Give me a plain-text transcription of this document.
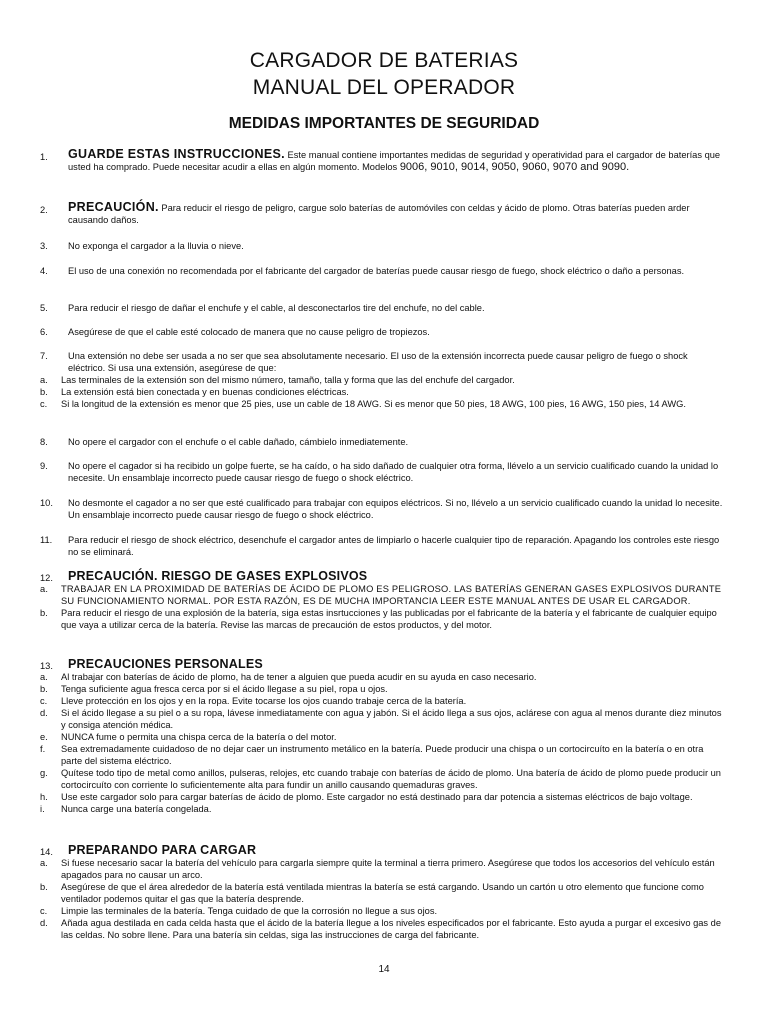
CARGADOR DE BATERIAS
MANUAL DEL OPERADOR
MEDIDAS IMPORTANTES DE SEGURIDAD
1.	GUARDE ESTAS INSTRUCCIONES. Este manual contiene importantes medidas de seguridad y operatividad para el cargador de baterías que usted ha comprado. Puede necesitar acudir a ellas en algún momento. Modelos 9006, 9010, 9014, 9050, 9060, 9070 and 9090.
2.	PRECAUCIÓN. Para reducir el riesgo de peligro, cargue solo baterías de automóviles con celdas y ácido de plomo. Otras baterías pueden arder causando daños.
3.	No exponga el cargador a la lluvia o nieve.
4.	El uso de una conexión no recomendada por el fabricante del cargador de baterías puede causar riesgo de fuego, shock eléctrico o daño a personas.
5.	Para reducir el riesgo de dañar el enchufe y el cable, al desconectarlos tire del enchufe, no del cable.
6.	Asegúrese de que el cable esté colocado de manera que no cause peligro de tropiezos.
7.	Una extensión no debe ser usada a no ser que sea absolutamente necesario. El uso de la extensión incorrecta puede causar peligro de fuego o shock eléctrico. Si usa una extensión, asegúrese de que:
a. Las terminales de la extensión son del mismo número, tamaño, talla y forma que las del enchufe del cargador.
b. La extensión está bien conectada y en buenas condiciones eléctricas.
c. Si la longitud de la extensión es menor que 25 pies, use un cable de 18 AWG. Si es menor que 50 pies, 18 AWG, 100 pies, 16 AWG, 150 pies, 14 AWG.
8.	No opere el cargador con el enchufe o el cable dañado, cámbielo inmediatemente.
9.	No opere el cagador si ha recibido un golpe fuerte, se ha caído, o ha sido dañado de cualquier otra forma, llévelo a un servicio cualificado cuando la unidad lo necesite. Un ensamblaje incorrecto puede causar riesgo de fuego o shock eléctrico.
10.	No desmonte el cagador a no ser que esté cualificado para trabajar con equipos eléctricos. Si no, llévelo a un servicio cualificado cuando la unidad lo necesite. Un ensamblaje incorrecto puede causar riesgo de fuego o shock eléctrico.
11.	Para reducir el riesgo de shock eléctrico, desenchufe el cargador antes de limpiarlo o hacerle cualquier tipo de reparación. Apagando los controles este riesgo no se eliminará.
12.	PRECAUCIÓN. RIESGO DE GASES EXPLOSIVOS
a. TRABAJAR EN LA PROXIMIDAD DE BATERÍAS DE ÁCIDO DE PLOMO ES PELIGROSO. LAS BATERÍAS GENERAN GASES EXPLOSIVOS DURANTE SU FUNCIONAMIENTO NORMAL. POR ESTA RAZÓN, ES DE MUCHA IMPORTANCIA LEER ESTE MANUAL ANTES DE USAR EL CARGADOR.
b. Para reducir el riesgo de una explosión de la batería, siga estas insrtucciones y las publicadas por el fabricante de la batería y el fabricante de cualquier equipo que vaya a utilizar cerca de la batería. Revise las marcas de precaución de estos productos, y del motor.
13.	PRECAUCIONES PERSONALES
a. Al trabajar con baterías de ácido de plomo, ha de tener a alguien que pueda acudir en su ayuda en caso necesario.
b. Tenga suficiente agua fresca cerca por si el ácido llegase a su piel, ropa u ojos.
c. Lleve protección en los ojos y en la ropa. Evite tocarse los ojos cuando trabaje cerca de la batería.
d. Si el ácido llegase a su piel o a su ropa, lávese inmediatamente con agua y jabón. Si el ácido llega a sus ojos, aclárese con agua al menos durante diez minutos y consiga atención médica.
e. NUNCA fume o permita una chispa cerca de la batería o del motor.
f. Sea extremadamente cuidadoso de no dejar caer un instrumento metálico en la batería. Puede producir una chispa o un cortocircuíto en la batería o en otra parte del sistema eléctrico.
g. Quítese todo tipo de metal como anillos, pulseras, relojes, etc cuando trabaje con baterías de ácido de plomo. Una batería de ácido de plomo puede producir un cortocircuíto con corriente lo suficientemente alta para fundir un anillo causando quemaduras graves.
h. Use este cargador solo para cargar baterías de ácido de plomo. Este cargador no está destinado para dar potencia a sistemas eléctricos de bajo voltage.
i. Nunca carge una batería congelada.
14.	PREPARANDO PARA CARGAR
a. Si fuese necesario sacar la batería del vehículo para cargarla siempre quite la terminal a tierra primero. Asegúrese que todos los accesorios del vehículo están apagados para no causar un arco.
b. Asegúrese de que el área alrededor de la batería está ventilada mientras la batería se está cargando. Usando un cartón u otro elemento que funcione como ventilador podemos quitar el gas que la batería desprende.
c. Limpie las terminales de la batería. Tenga cuidado de que la corrosión no llegue a sus ojos.
d. Añada agua destilada en cada celda hasta que el ácido de la batería llegue a los niveles especificados por el fabricante. Esto ayuda a purgar el excesivo gas de las celdas. No sobre llene. Para una batería sin celdas, siga las instrucciones de carga del fabricante.
14
